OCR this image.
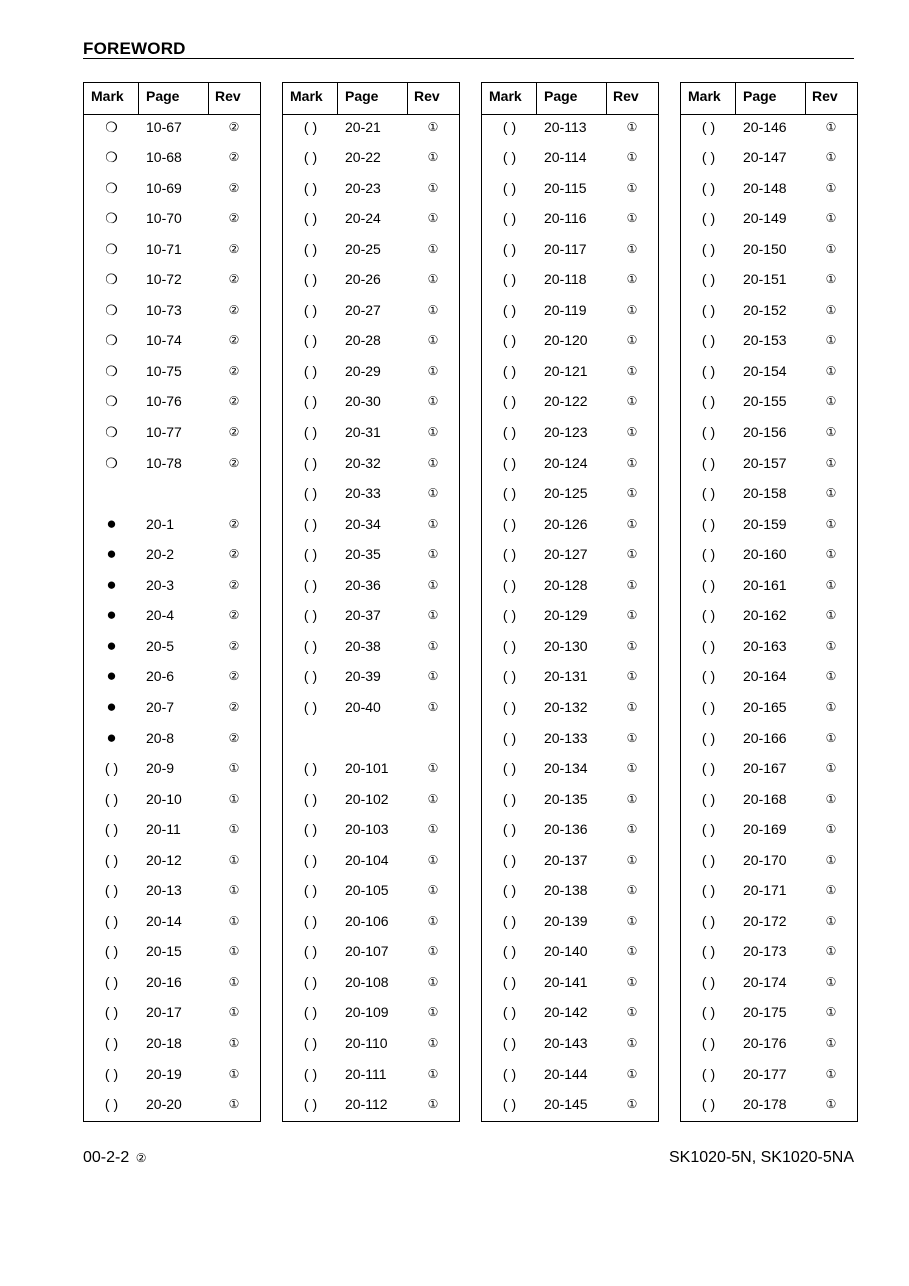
FOREWORD
Mark Page	Rev
❍	10-67	②
❍	10-68	②
❍	10-69	②
❍	10-70	②
❍	10-71	②
❍	10-72	②
❍	10-73	②
❍	10-74	②
❍	10-75	②
❍	10-76	②
❍	10-77	②
❍	10-78	②
●	20-1	②
●	20-2	②
●	20-3	②
●	20-4	②
●	20-5	②
●	20-6	②
●	20-7	②
●	20-8	②
( )	20-9	①
( )	20-10	①
( )	20-11	①
( )	20-12	①
( )	20-13	①
( )	20-14	①
( )	20-15	①
( )	20-16	①
( )	20-17	①
( )	20-18	①
( )	20-19	①
( )	20-20	①
Mark Page	Rev
( )	20-21	①
( )	20-22	①
( )	20-23	①
( )	20-24	①
( )	20-25	①
( )	20-26	①
( )	20-27	①
( )	20-28	①
( )	20-29	①
( )	20-30	①
( )	20-31	①
( )	20-32	①
( )	20-33	①
( )	20-34	①
( )	20-35	①
( )	20-36	①
( )	20-37	①
( )	20-38	①
( )	20-39	①
( )	20-40	①
( )	20-101	①
( )	20-102	①
( )	20-103	①
( )	20-104	①
( )	20-105	①
( )	20-106	①
( )	20-107	①
( )	20-108	①
( )	20-109	①
( )	20-110	①
( )	20-111	①
( )	20-112	①
Mark Page	Rev
( )	20-113	①
( )	20-114	①
( )	20-115	①
( )	20-116	①
( )	20-117	①
( )	20-118	①
( )	20-119	①
( )	20-120	①
( )	20-121	①
( )	20-122	①
( )	20-123	①
( )	20-124	①
( )	20-125	①
( )	20-126	①
( )	20-127	①
( )	20-128	①
( )	20-129	①
( )	20-130	①
( )	20-131	①
( )	20-132	①
( )	20-133	①
( )	20-134	①
( )	20-135	①
( )	20-136	①
( )	20-137	①
( )	20-138	①
( )	20-139	①
( )	20-140	①
( )	20-141	①
( )	20-142	①
( )	20-143	①
( )	20-144	①
( )	20-145	①
Mark Page	Rev
( )	20-146	①
( )	20-147	①
( )	20-148	①
( )	20-149	①
( )	20-150	①
( )	20-151	①
( )	20-152	①
( )	20-153	①
( )	20-154	①
( )	20-155	①
( )	20-156	①
( )	20-157	①
( )	20-158	①
( )	20-159	①
( )	20-160	①
( )	20-161	①
( )	20-162	①
( )	20-163	①
( )	20-164	①
( )	20-165	①
( )	20-166	①
( )	20-167	①
( )	20-168	①
( )	20-169	①
( )	20-170	①
( )	20-171	①
( )	20-172	①
( )	20-173	①
( )	20-174	①
( )	20-175	①
( )	20-176	①
( )	20-177	①
( )	20-178	①
00-2-2 ②	SK1020-5N, SK1020-5NA
